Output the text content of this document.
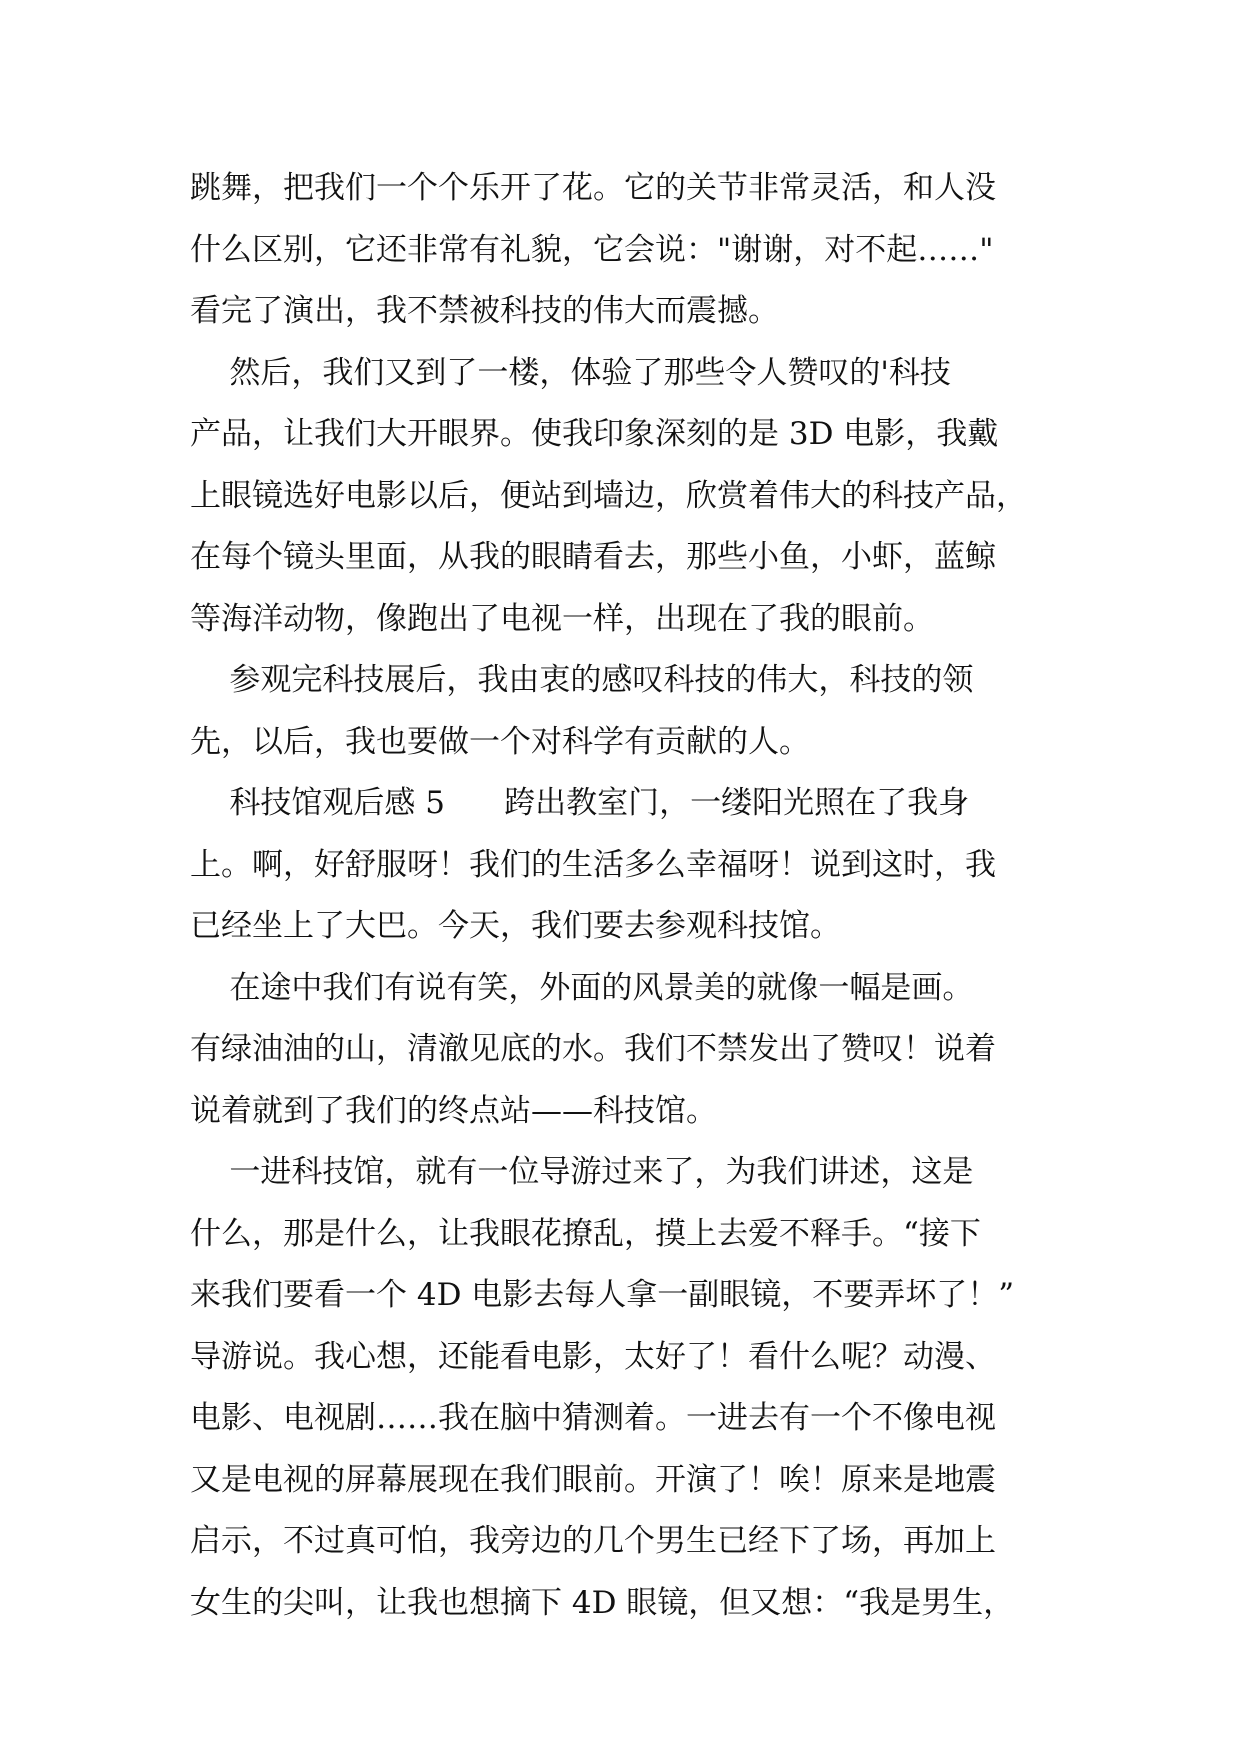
跳舞，把我们一个个乐开了花。它的关节非常灵活，和人没
什么区别，它还非常有礼貌，它会说："谢谢，对不起……"
看完了演出，我不禁被科技的伟大而震撼。
然后，我们又到了一楼，体验了那些令人赞叹的'科技
产品，让我们大开眼界。使我印象深刻的是 3D 电影，我戴
上眼镜选好电影以后，便站到墙边，欣赏着伟大的科技产品，
在每个镜头里面，从我的眼睛看去，那些小鱼，小虾，蓝鲸
等海洋动物，像跑出了电视一样，出现在了我的眼前。
参观完科技展后，我由衷的感叹科技的伟大，科技的领
先，以后，我也要做一个对科学有贡献的人。
科技馆观后感 5      跨出教室门，一缕阳光照在了我身
上。啊，好舒服呀！我们的生活多么幸福呀！说到这时，我
已经坐上了大巴。今天，我们要去参观科技馆。
在途中我们有说有笑，外面的风景美的就像一幅是画。
有绿油油的山，清澈见底的水。我们不禁发出了赞叹！说着
说着就到了我们的终点站——科技馆。
一进科技馆，就有一位导游过来了，为我们讲述，这是
什么，那是什么，让我眼花撩乱，摸上去爱不释手。“接下
来我们要看一个 4D 电影去每人拿一副眼镜，不要弄坏了！”
导游说。我心想，还能看电影，太好了！看什么呢？动漫、
电影、电视剧……我在脑中猜测着。一进去有一个不像电视
又是电视的屏幕展现在我们眼前。开演了！唉！原来是地震
启示，不过真可怕，我旁边的几个男生已经下了场，再加上
女生的尖叫，让我也想摘下 4D 眼镜，但又想：“我是男生，
